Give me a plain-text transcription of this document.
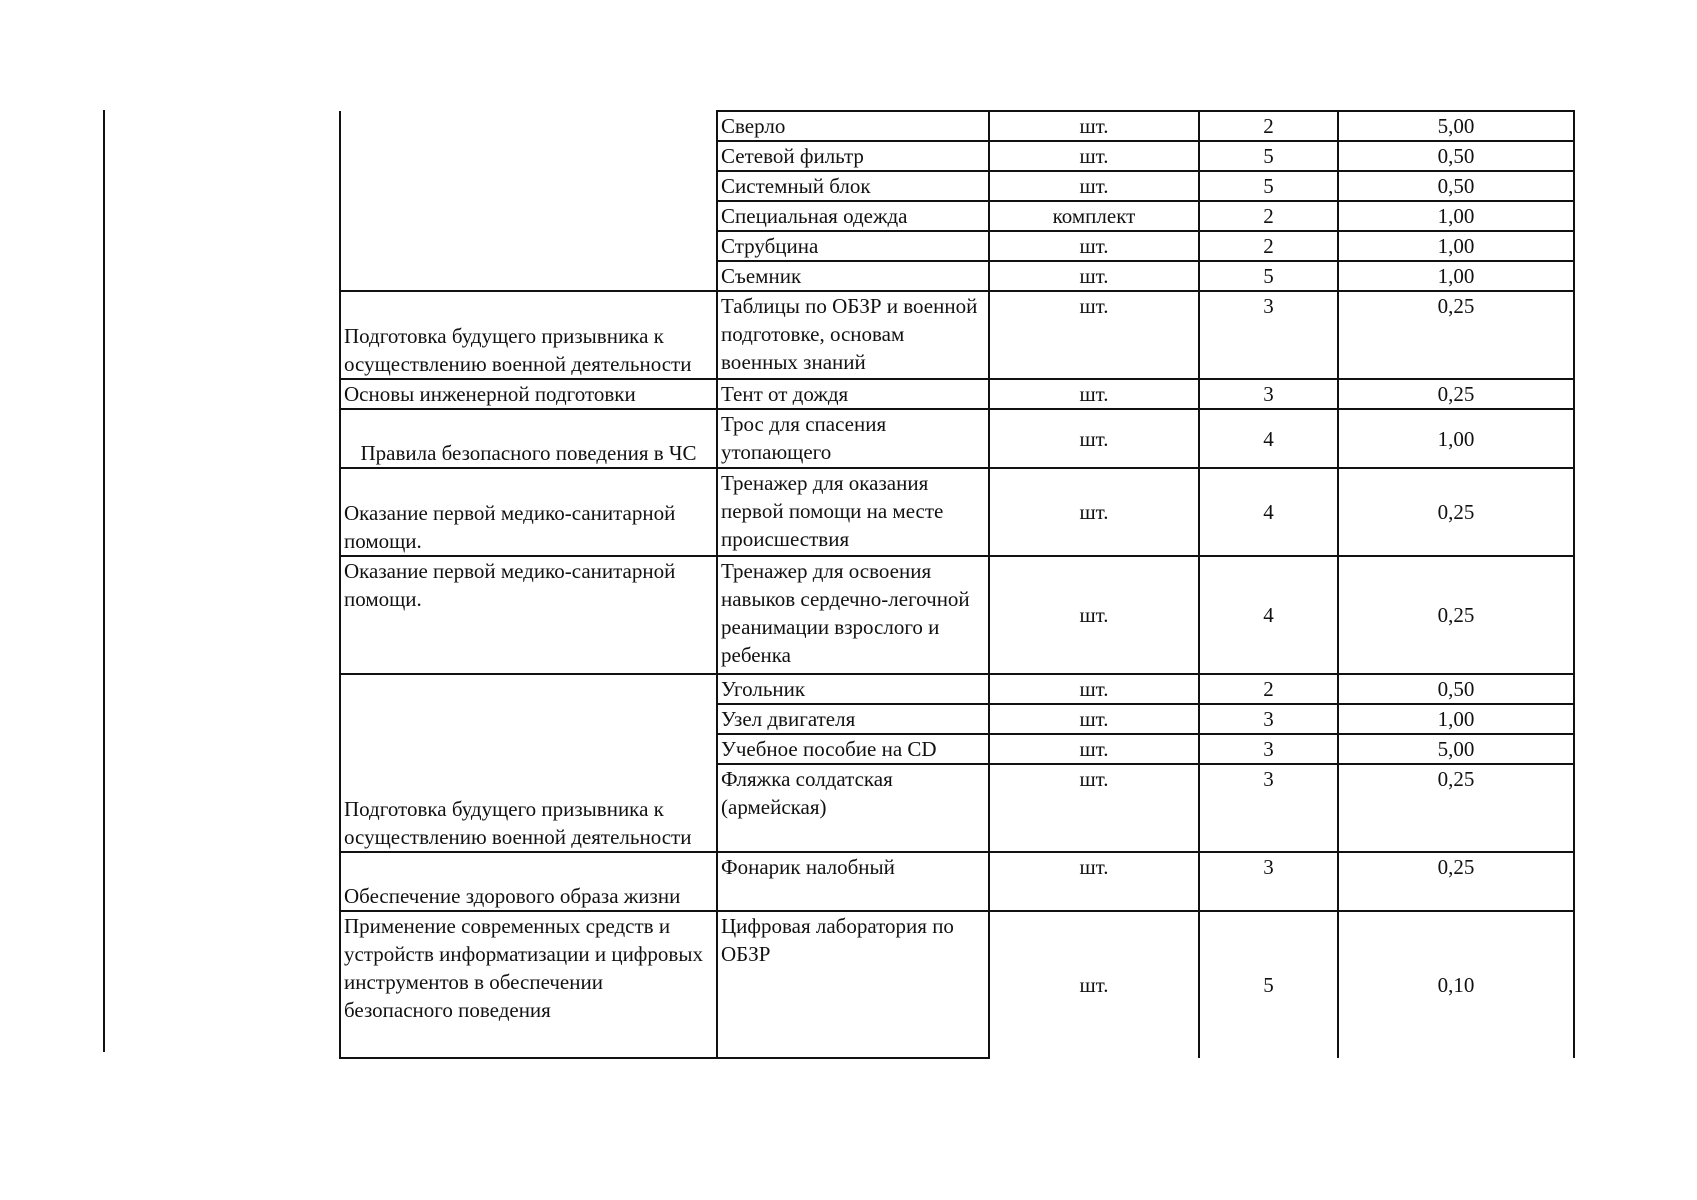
	Сверло	шт.	2	5,00
	Сетевой фильтр	шт.	5	0,50
	Системный блок	шт.	5	0,50
	Специальная одежда	комплект	2	1,00
	Струбцина	шт.	2	1,00
	Съемник	шт.	5	1,00
Подготовка будущего призывника к осуществлению военной деятельности	Таблицы по ОБЗР и военной подготовке, основам военных знаний	шт.	3	0,25
Основы инженерной подготовки	Тент от дождя	шт.	3	0,25
Правила безопасного поведения в ЧС	Трос для спасения утопающего	шт.	4	1,00
Оказание первой медико-санитарной помощи.	Тренажер для оказания первой помощи на месте происшествия	шт.	4	0,25
Оказание первой медико-санитарной помощи.	Тренажер для освоения навыков сердечно-легочной реанимации взрослого и ребенка	шт.	4	0,25
Подготовка будущего призывника к осуществлению военной деятельности	Угольник	шт.	2	0,50
	Узел двигателя	шт.	3	1,00
	Учебное пособие на CD	шт.	3	5,00
	Фляжка солдатская (армейская)	шт.	3	0,25
Обеспечение здорового образа жизни	Фонарик налобный	шт.	3	0,25
Применение современных средств и устройств информатизации и цифровых инструментов в обеспечении безопасного поведения	Цифровая лаборатория по ОБЗР	шт.	5	0,10
